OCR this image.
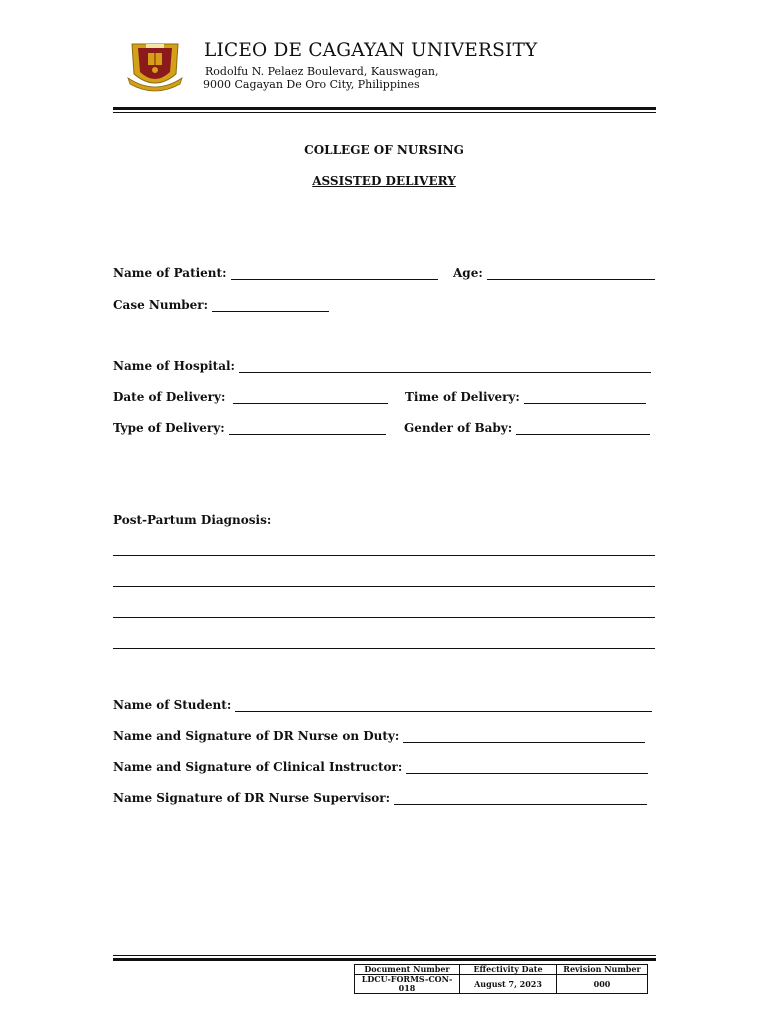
LICEO DE CAGAYAN UNIVERSITY
Rodolfu N. Pelaez Boulevard, Kauswagan,
9000 Cagayan De Oro City, Philippines
COLLEGE OF NURSING
ASSISTED DELIVERY
Name of Patient:	Age:
Case Number:
Name of Hospital:
Date of Delivery:	Time of Delivery:
Type of Delivery:	Gender of Baby:
Post-Partum Diagnosis:
Name of Student:
Name and Signature of DR Nurse on Duty:
Name and Signature of Clinical Instructor:
Name Signature of DR Nurse Supervisor:
Document Number	Effectivity Date	Revision Number
LDCU-FORMS-CON-018	August 7, 2023	000
